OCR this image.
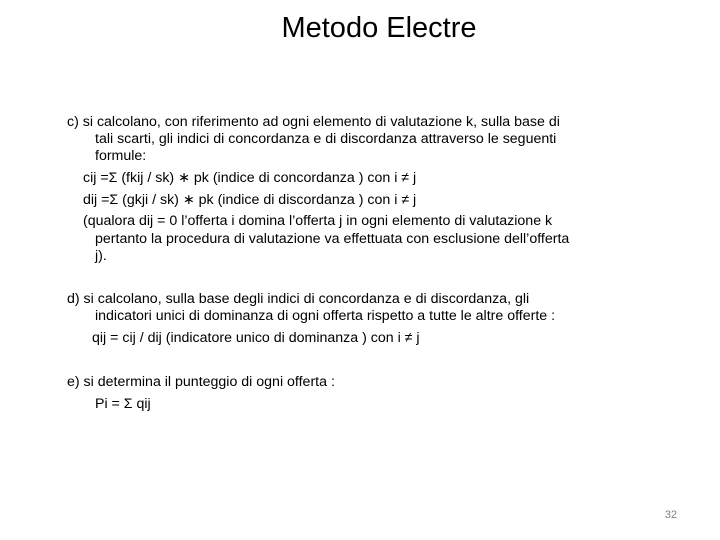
Metodo Electre
c) si calcolano, con riferimento ad ogni elemento di valutazione k, sulla base di
tali scarti, gli indici di concordanza e di discordanza attraverso le seguenti
formule:
cij =Σ (fkij / sk) ∗ pk (indice di concordanza ) con i ≠ j
dij =Σ (gkji / sk) ∗ pk (indice di discordanza ) con i ≠ j
(qualora dij = 0 l’offerta i domina l’offerta j in ogni elemento di valutazione k
pertanto la procedura di valutazione va effettuata con esclusione dell’offerta
j).
d) si calcolano, sulla base degli indici di concordanza e di discordanza, gli
indicatori unici di dominanza di ogni offerta rispetto a tutte le altre offerte :
qij = cij / dij (indicatore unico di dominanza ) con i ≠ j
e) si determina il punteggio di ogni offerta :
Pi = Σ qij
32
